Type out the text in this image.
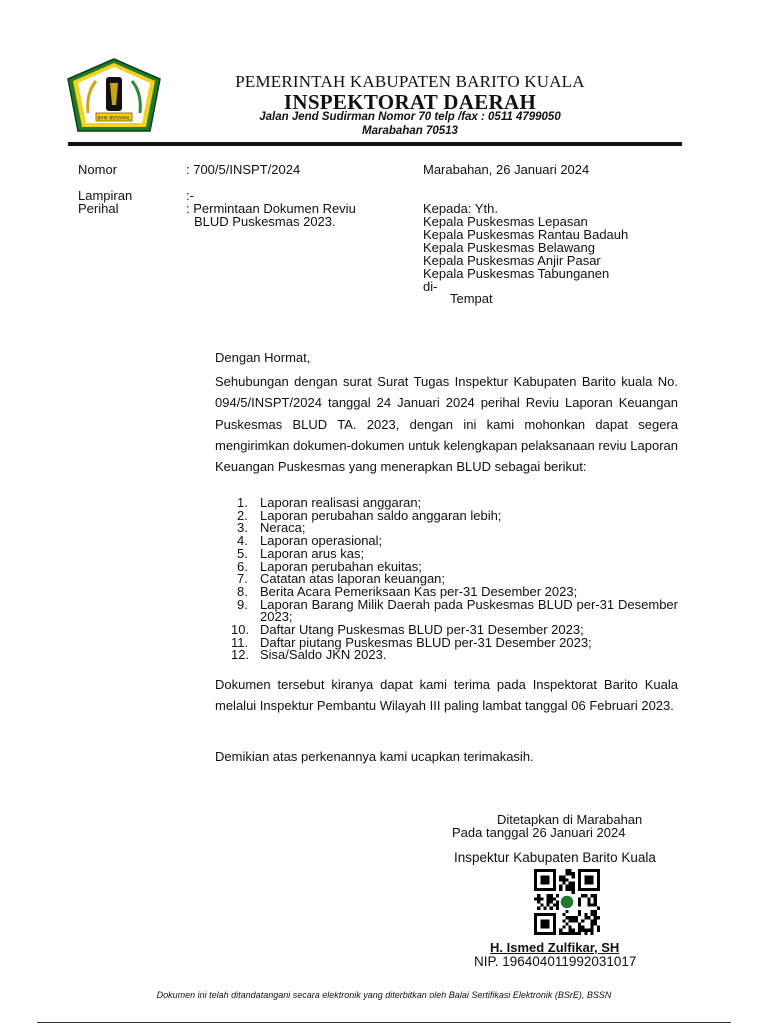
BAIK BERAMAL
PEMERINTAH KABUPATEN BARITO KUALA
INSPEKTORAT DAERAH
Jalan Jend Sudirman Nomor 70 telp /fax : 0511 4799050
Marabahan 70513
Nomor	: 700/5/INSPT/2024	Marabahan, 26 Januari 2024
Lampiran	:-
Perihal	: Permintaan Dokumen Reviu
BLUD Puskesmas 2023.
Kepada: Yth.
Kepala Puskesmas Lepasan
Kepala Puskesmas Rantau Badauh
Kepala Puskesmas Belawang
Kepala Puskesmas Anjir Pasar
Kepala Puskesmas Tabunganen
di-
Tempat
Dengan Hormat,
Sehubungan dengan surat Surat Tugas Inspektur Kabupaten Barito kuala No. 094/5/INSPT/2024 tanggal 24 Januari 2024 perihal Reviu Laporan Keuangan Puskesmas BLUD TA. 2023, dengan ini kami mohonkan dapat segera mengirimkan dokumen-dokumen untuk kelengkapan pelaksanaan reviu Laporan Keuangan Puskesmas yang menerapkan BLUD sebagai berikut:
1. Laporan realisasi anggaran;
2. Laporan perubahan saldo anggaran lebih;
3. Neraca;
4. Laporan operasional;
5. Laporan arus kas;
6. Laporan perubahan ekuitas;
7. Catatan atas laporan keuangan;
8. Berita Acara Pemeriksaan Kas per-31 Desember 2023;
9. Laporan Barang Milik Daerah pada Puskesmas BLUD per-31 Desember 2023;
10. Daftar Utang Puskesmas BLUD per-31 Desember 2023;
11. Daftar piutang Puskesmas BLUD per-31 Desember 2023;
12. Sisa/Saldo JKN 2023.
Dokumen tersebut kiranya dapat kami terima pada Inspektorat Barito Kuala melalui Inspektur Pembantu Wilayah III paling lambat tanggal 06 Februari 2023.
Demikian atas perkenannya kami ucapkan terimakasih.
Ditetapkan di Marabahan
Pada tanggal 26 Januari 2024
Inspektur Kabupaten Barito Kuala
H. Ismed Zulfikar, SH
NIP. 196404011992031017
Dokumen ini telah ditandatangani secara elektronik yang diterbitkan oleh Balai Sertifikasi Elektronik (BSrE), BSSN
